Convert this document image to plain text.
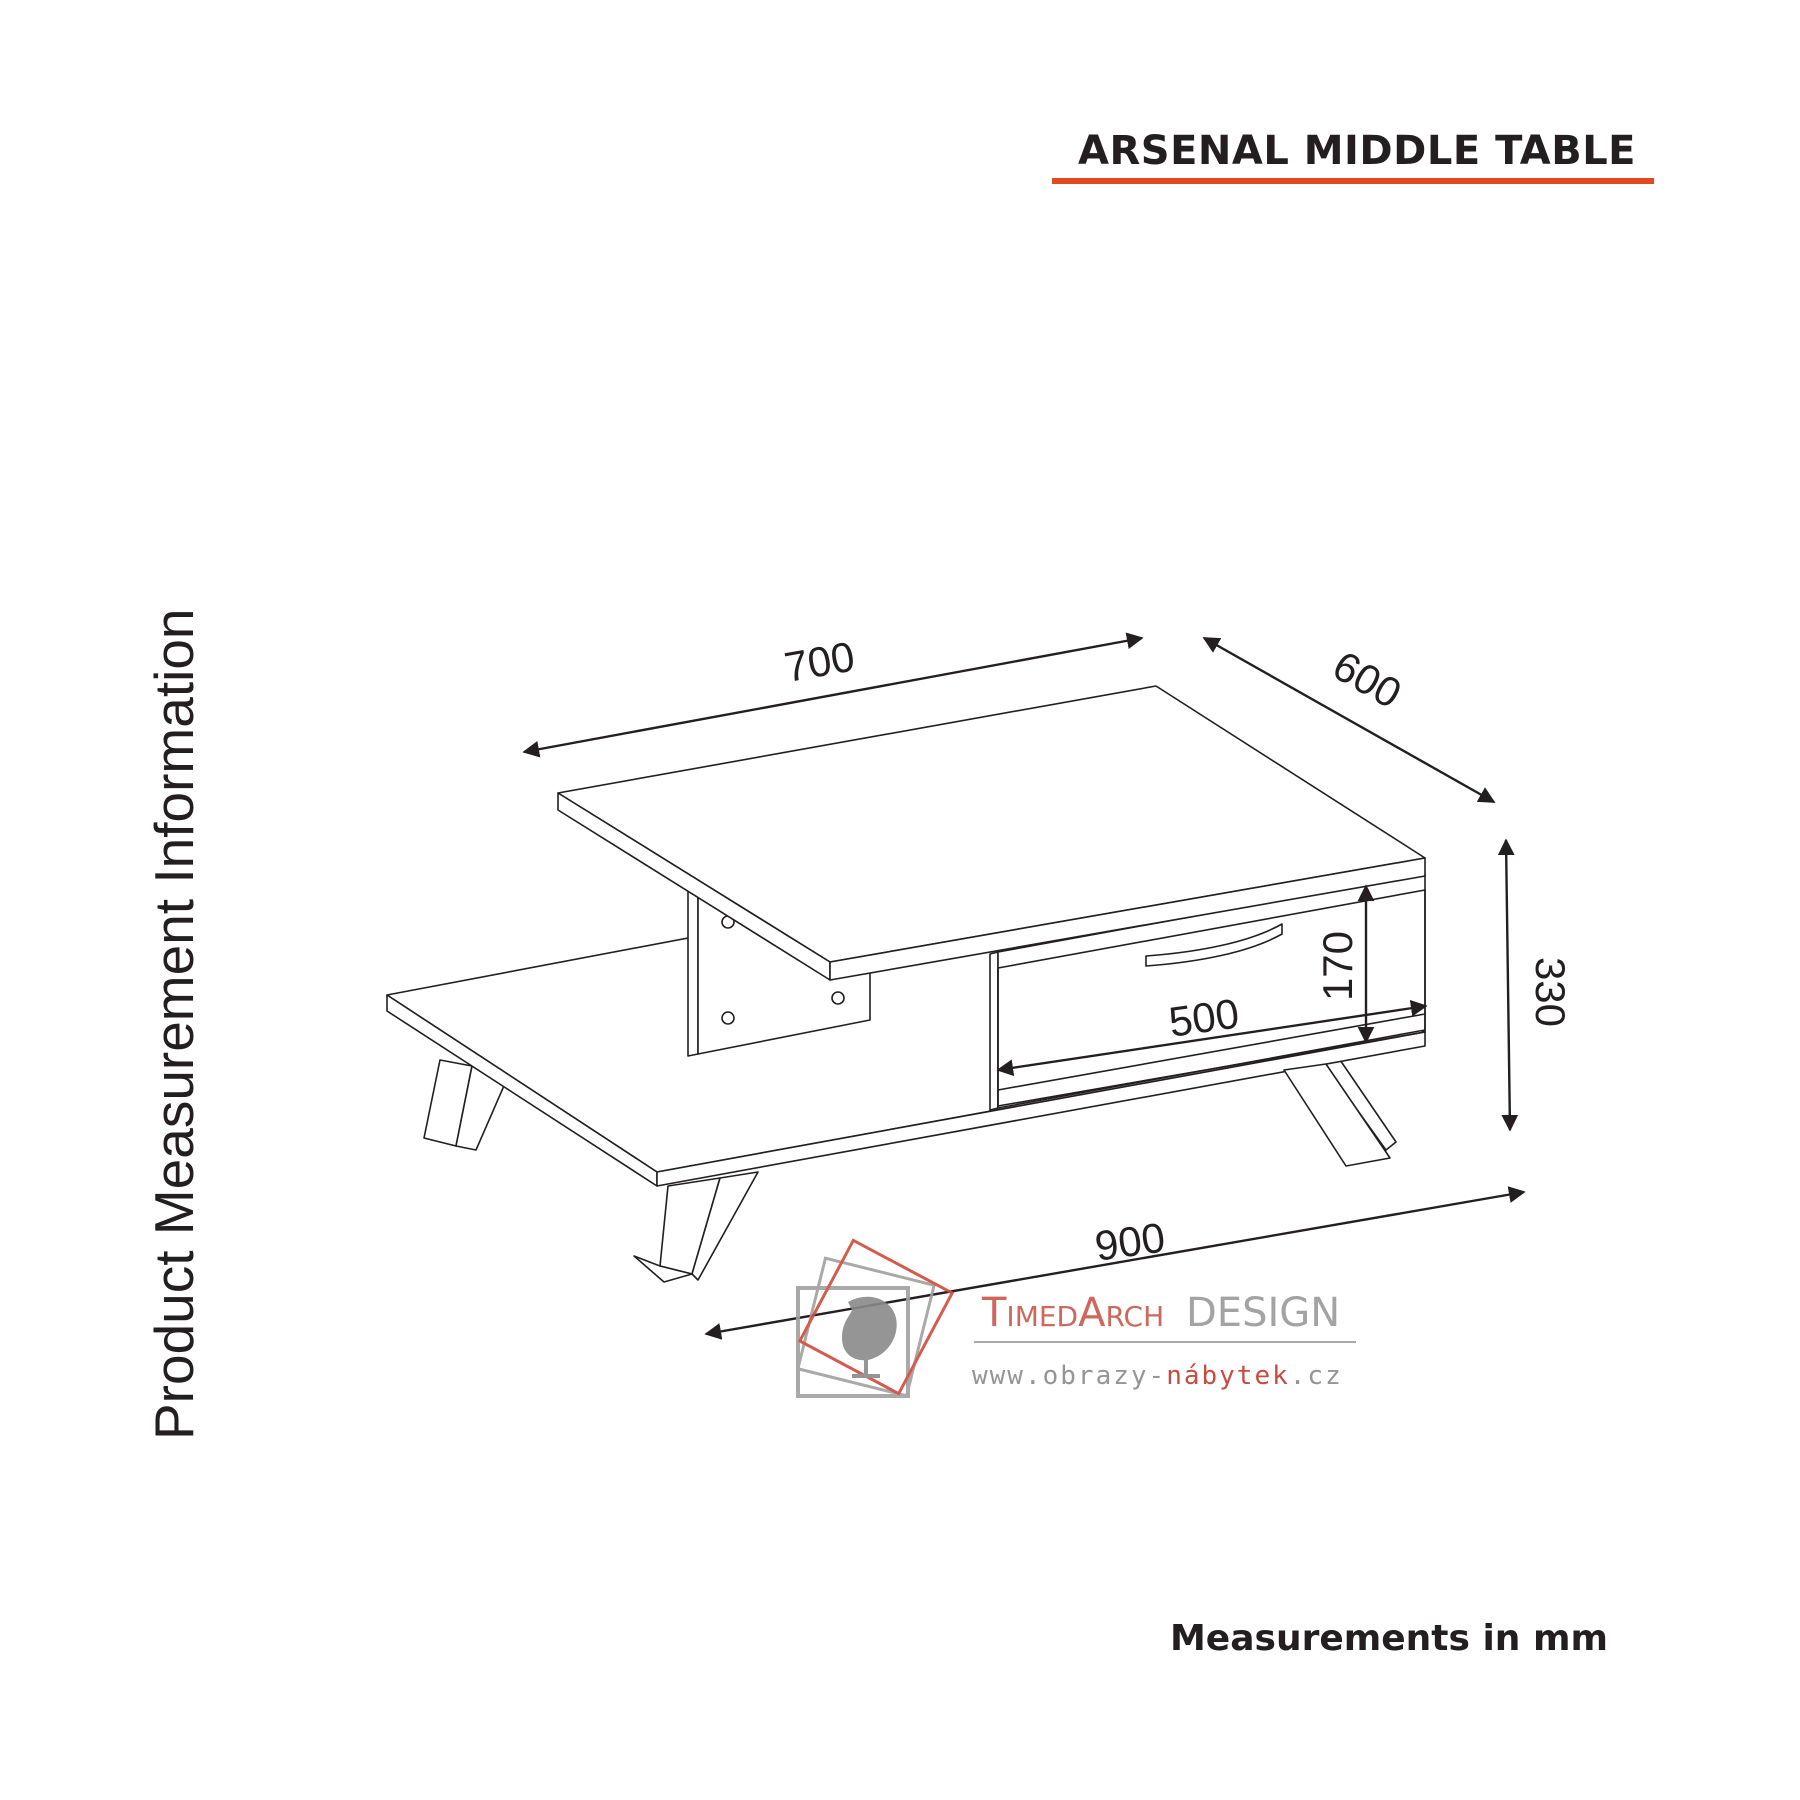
ARSENAL MIDDLE TABLE
Product Measurement Information	700	600
330
170
500
900
TimedArch DESIGN
www.obrazy-nábytek.cz
Measurements in mm
